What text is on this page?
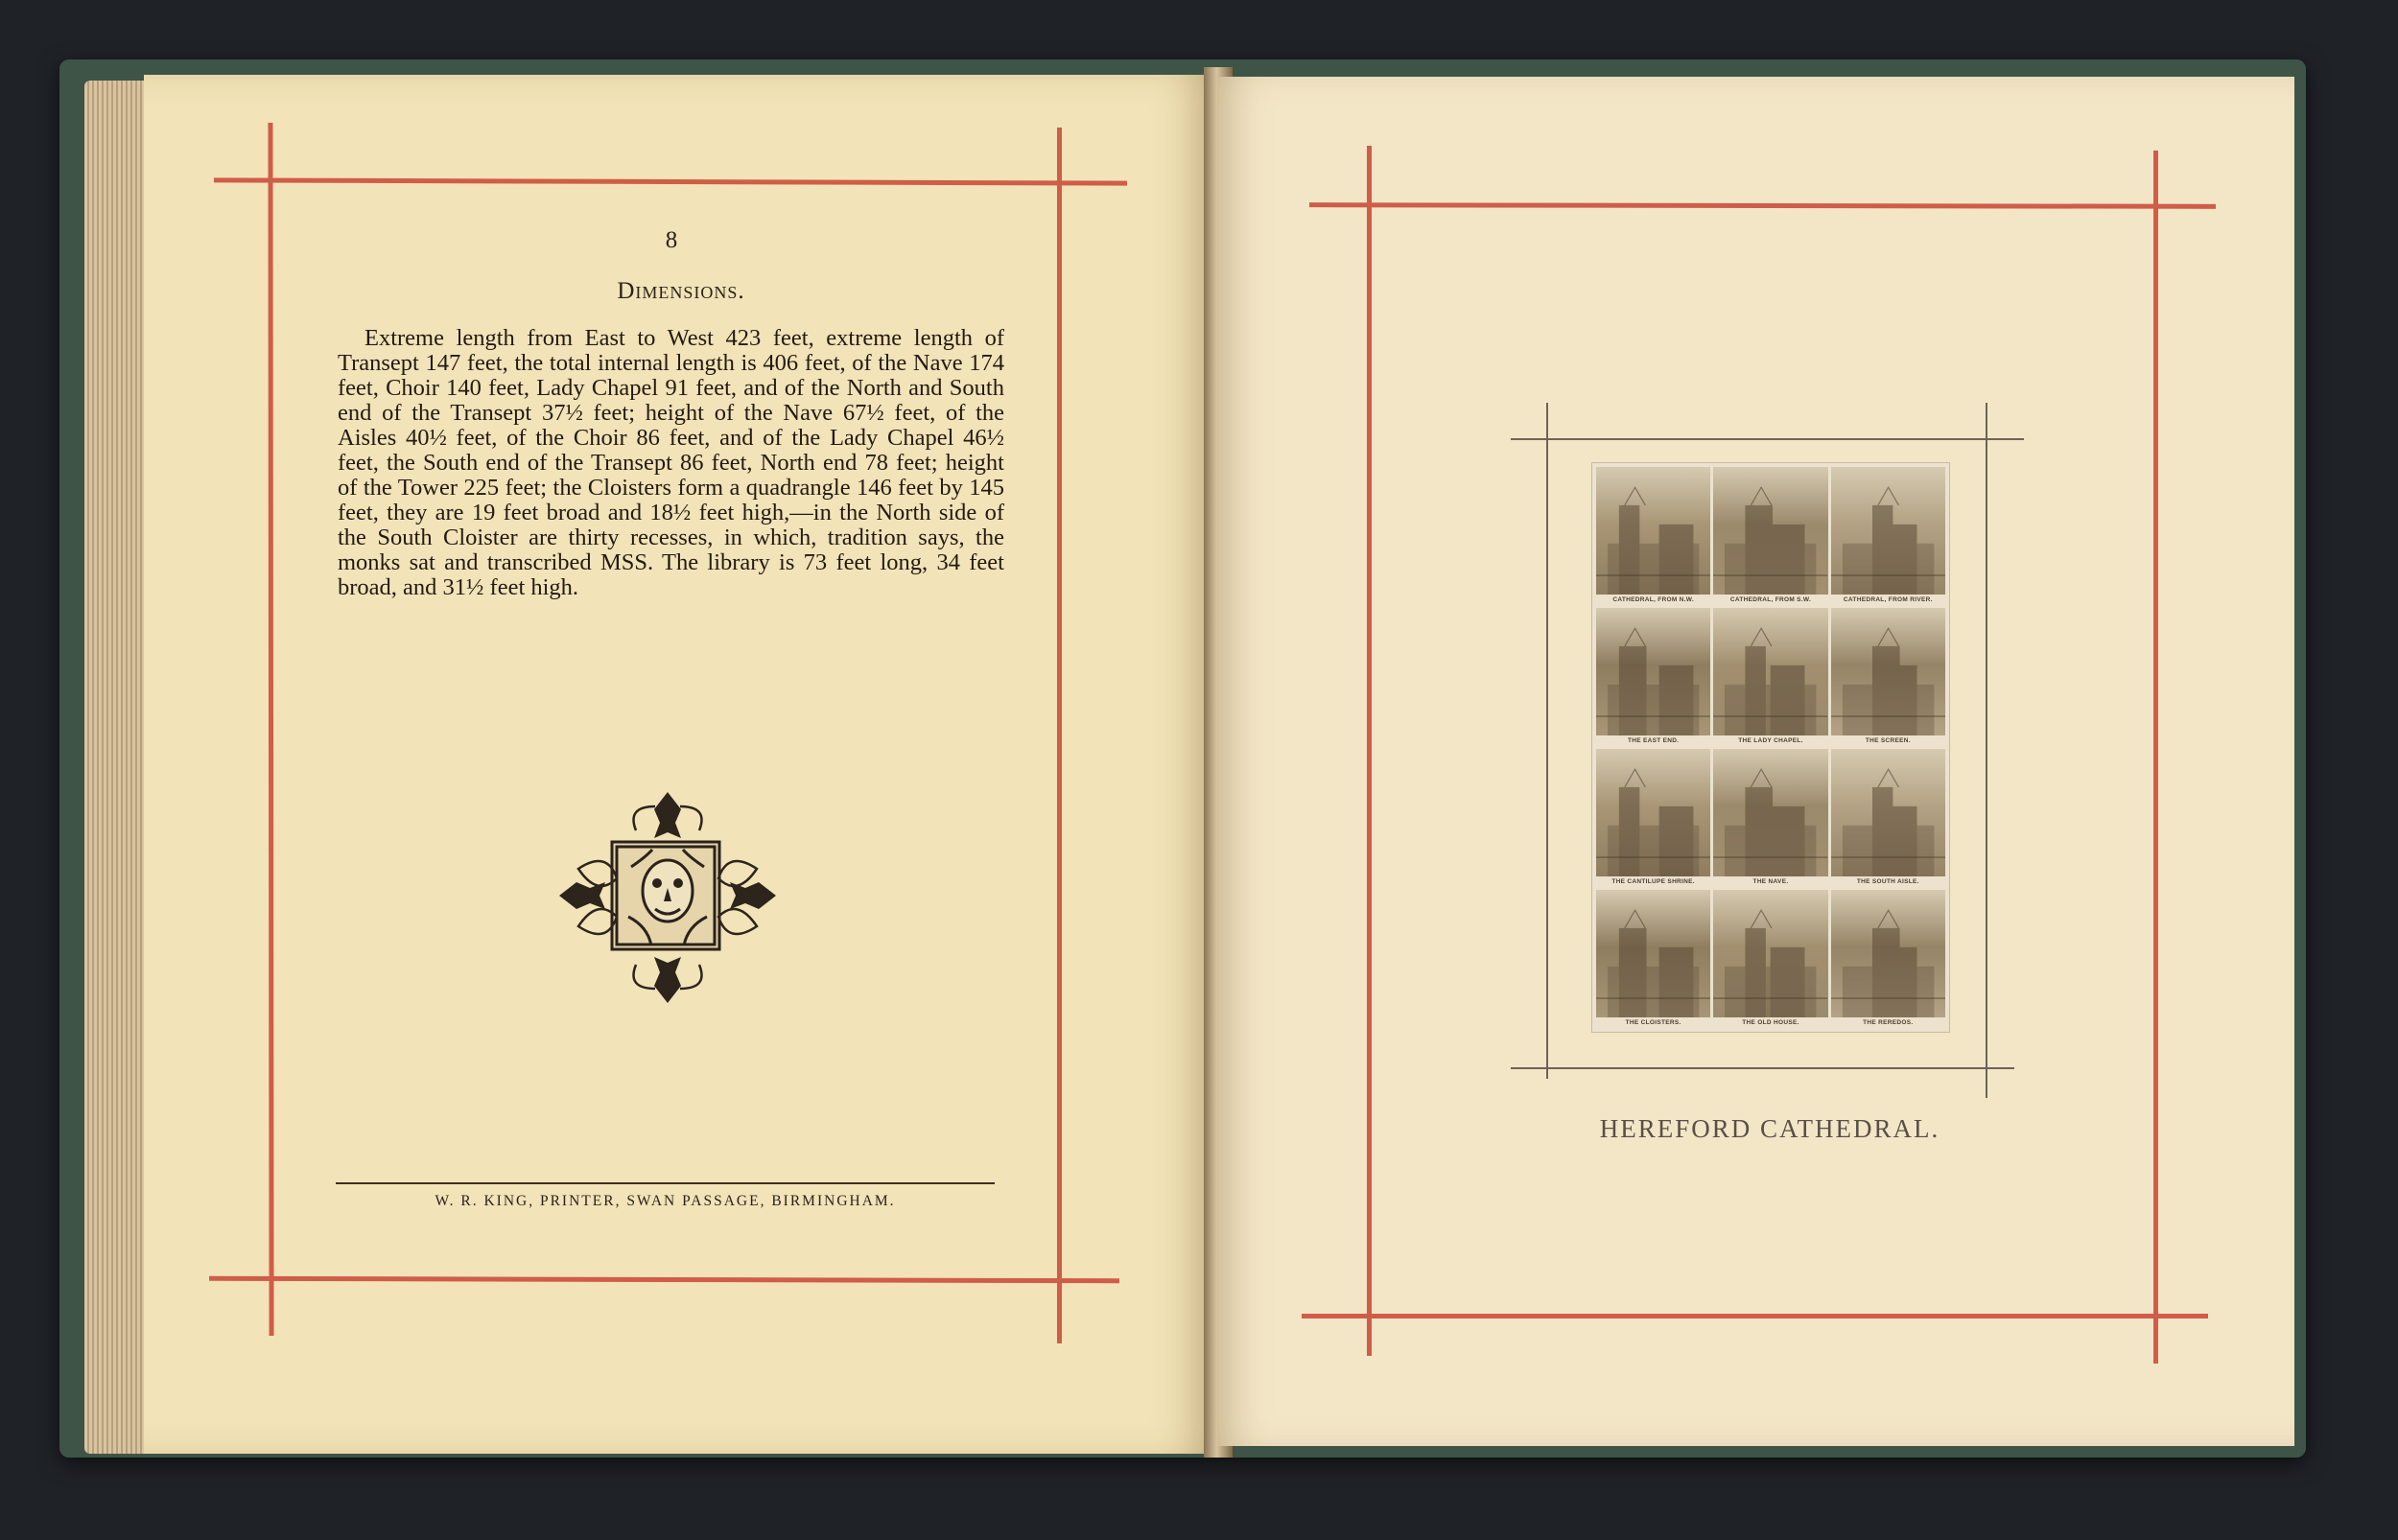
8
Dimensions.
Extreme length from East to West 423 feet, extreme length of Transept 147 feet, the total internal length is 406 feet, of the Nave 174 feet, Choir 140 feet, Lady Chapel 91 feet, and of the North and South end of the Transept 37½ feet; height of the Nave 67½ feet, of the Aisles 40½ feet, of the Choir 86 feet, and of the Lady Chapel 46½ feet, the South end of the Transept 86 feet, North end 78 feet; height of the Tower 225 feet; the Cloisters form a quadrangle 146 feet by 145 feet, they are 19 feet broad and 18½ feet high,—in the North side of the South Cloister are thirty recesses, in which, tradition says, the monks sat and transcribed MSS. The library is 73 feet long, 34 feet broad, and 31½ feet high.
W. R. KING, PRINTER, SWAN PASSAGE, BIRMINGHAM.
CATHEDRAL, FROM N.W.	CATHEDRAL, FROM S.W.	CATHEDRAL, FROM RIVER.
THE EAST END.	THE LADY CHAPEL.	THE SCREEN.
THE CANTILUPE SHRINE.	THE NAVE.	THE SOUTH AISLE.
THE CLOISTERS.	THE OLD HOUSE.	THE REREDOS.
HEREFORD CATHEDRAL.
